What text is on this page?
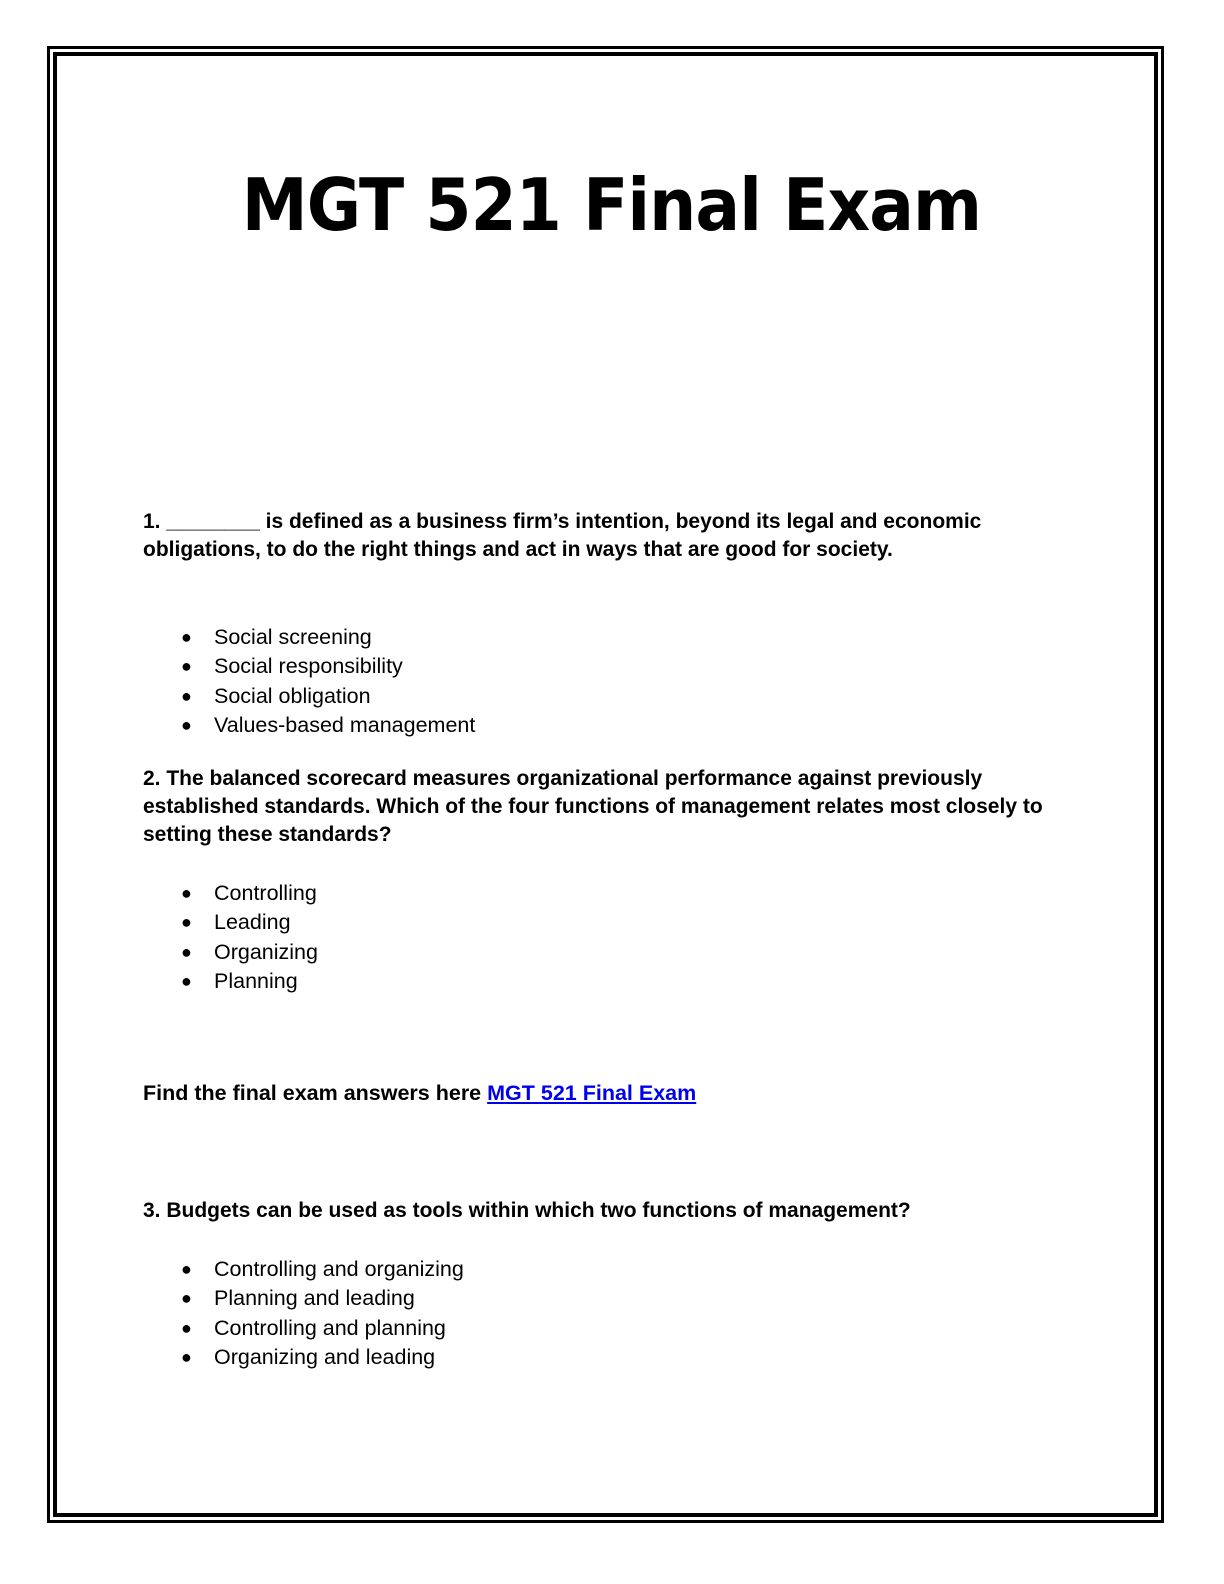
MGT 521 Final Exam

1. ________ is defined as a business firm’s intention, beyond its legal and economic obligations, to do the right things and act in ways that are good for society.

● Social screening
● Social responsibility
● Social obligation
● Values-based management

2. The balanced scorecard measures organizational performance against previously established standards. Which of the four functions of management relates most closely to setting these standards?

● Controlling
● Leading
● Organizing
● Planning

Find the final exam answers here MGT 521 Final Exam

3. Budgets can be used as tools within which two functions of management?

● Controlling and organizing
● Planning and leading
● Controlling and planning
● Organizing and leading
